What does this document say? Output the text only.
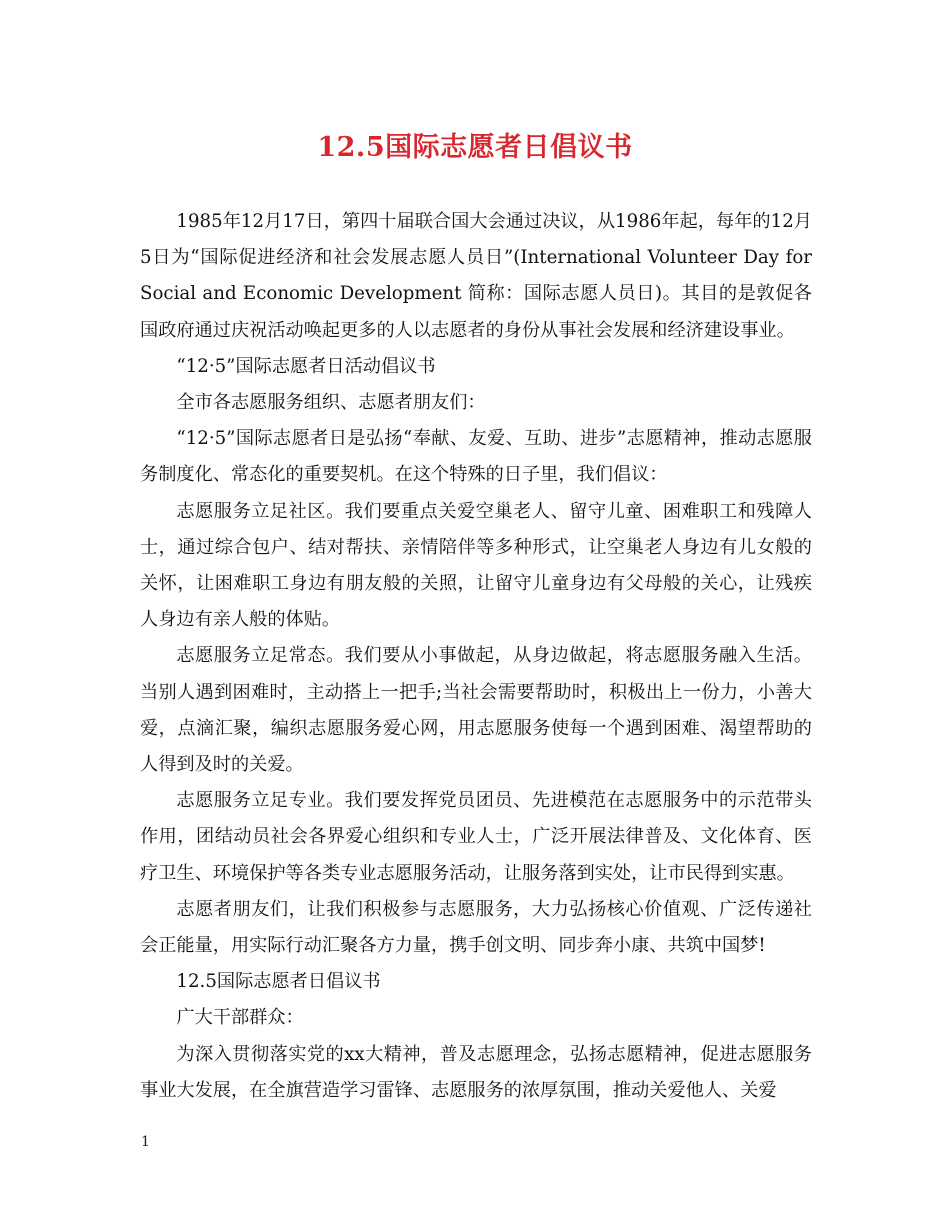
12.5国际志愿者日倡议书

1985年12月17日，第四十届联合国大会通过决议，从1986年起，每年的12月5日为“国际促进经济和社会发展志愿人员日”(International Volunteer Day for Social and Economic Development 简称：国际志愿人员日)。其目的是敦促各国政府通过庆祝活动唤起更多的人以志愿者的身份从事社会发展和经济建设事业。

“12·5”国际志愿者日活动倡议书

全市各志愿服务组织、志愿者朋友们：

“12·5”国际志愿者日是弘扬“奉献、友爱、互助、进步”志愿精神，推动志愿服务制度化、常态化的重要契机。在这个特殊的日子里，我们倡议：

志愿服务立足社区。我们要重点关爱空巢老人、留守儿童、困难职工和残障人士，通过综合包户、结对帮扶、亲情陪伴等多种形式，让空巢老人身边有儿女般的关怀，让困难职工身边有朋友般的关照，让留守儿童身边有父母般的关心，让残疾人身边有亲人般的体贴。

志愿服务立足常态。我们要从小事做起，从身边做起，将志愿服务融入生活。当别人遇到困难时，主动搭上一把手;当社会需要帮助时，积极出上一份力，小善大爱，点滴汇聚，编织志愿服务爱心网，用志愿服务使每一个遇到困难、渴望帮助的人得到及时的关爱。

志愿服务立足专业。我们要发挥党员团员、先进模范在志愿服务中的示范带头作用，团结动员社会各界爱心组织和专业人士，广泛开展法律普及、文化体育、医疗卫生、环境保护等各类专业志愿服务活动，让服务落到实处，让市民得到实惠。

志愿者朋友们，让我们积极参与志愿服务，大力弘扬核心价值观、广泛传递社会正能量，用实际行动汇聚各方力量，携手创文明、同步奔小康、共筑中国梦!

12.5国际志愿者日倡议书

广大干部群众：

为深入贯彻落实党的xx大精神，普及志愿理念，弘扬志愿精神，促进志愿服务事业大发展，在全旗营造学习雷锋、志愿服务的浓厚氛围，推动关爱他人、关爱

1
